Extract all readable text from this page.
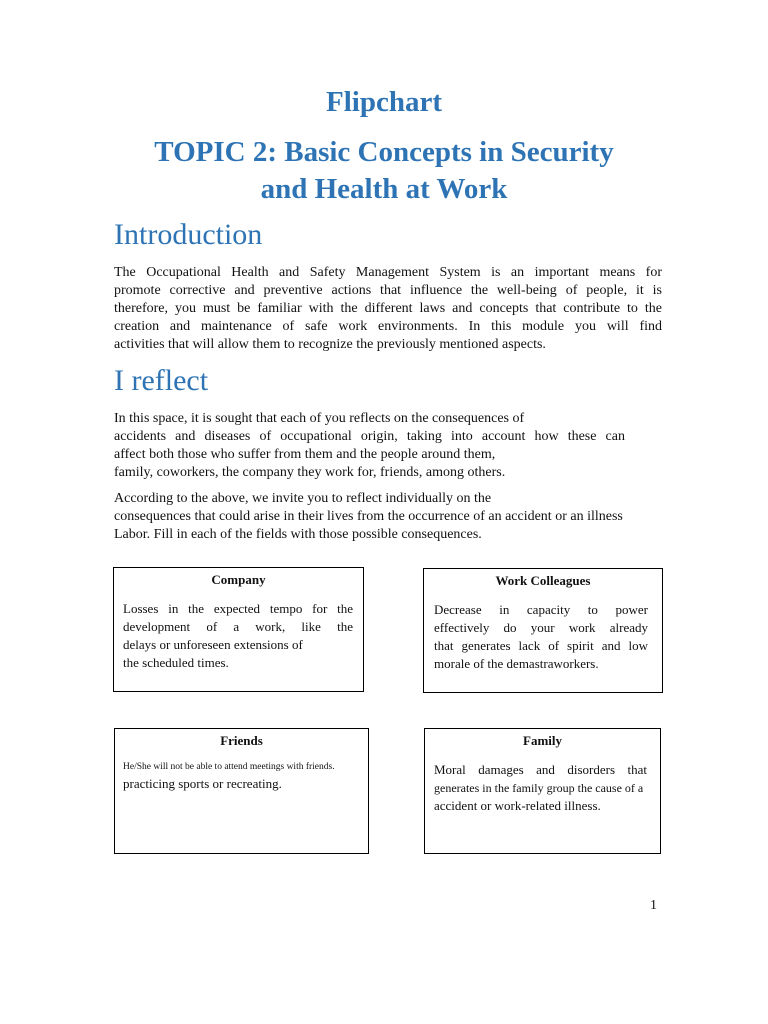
Flipchart
TOPIC 2: Basic Concepts in Security
and Health at Work
Introduction

The Occupational Health and Safety Management System is an important means for
promote corrective and preventive actions that influence the well-being of people, it is
therefore, you must be familiar with the different laws and concepts that contribute to the
creation and maintenance of safe work environments. In this module you will find
activities that will allow them to recognize the previously mentioned aspects.

I reflect

In this space, it is sought that each of you reflects on the consequences of
accidents and diseases of occupational origin, taking into account how these can
affect both those who suffer from them and the people around them,
family, coworkers, the company they work for, friends, among others.

According to the above, we invite you to reflect individually on the
consequences that could arise in their lives from the occurrence of an accident or an illness
Labor. Fill in each of the fields with those possible consequences.

Company

Losses in the expected tempo for the
development of a work, like the
delays or unforeseen extensions of
the scheduled times.

Work Colleagues

Decrease in capacity to power
effectively do your work already
that generates lack of spirit and low
morale of the demastraworkers.

Friends

He/She will not be able to attend meetings with friends.
practicing sports or recreating.

Family

Moral damages and disorders that
generates in the family group the cause of a
accident or work-related illness.

1
